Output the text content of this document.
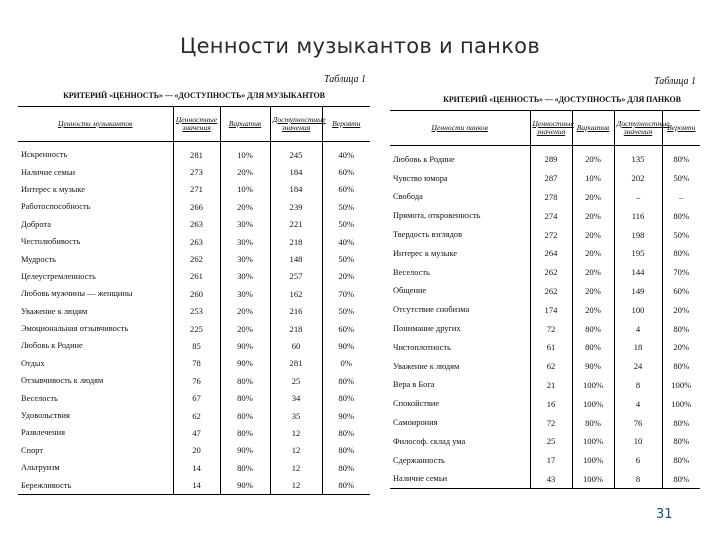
Ценности музыкантов и панков
Таблица 1
КРИТЕРИЙ «ЦЕННОСТЬ» — «ДОСТУПНОСТЬ» ДЛЯ МУЗЫКАНТОВ
Ценности музыкантов	Ценностные значения	Вариатив	Доступностные значения	Вероятн
Искренность	281	10%	245	40%
Наличие семьи	273	20%	184	60%
Интерес к музыке	271	10%	184	60%
Работоспособность	266	20%	239	50%
Доброта	263	30%	221	50%
Честолюбивость	263	30%	218	40%
Мудрость	262	30%	148	50%
Целеустремленность	261	30%	257	20%
Любовь мужчины — женщины	260	30%	162	70%
Уважение к людям	253	20%	216	50%
Эмоциональная отзывчивость	225	20%	218	60%
Любовь к Родине	85	90%	60	90%
Отдых	78	90%	281	0%
Отзывчивость к людям	76	80%	25	80%
Веселость	67	80%	34	80%
Удовольствия	62	80%	35	90%
Развлечения	47	80%	12	80%
Спорт	20	90%	12	80%
Альтруизм	14	80%	12	80%
Бережливость	14	90%	12	80%
Таблица 1
КРИТЕРИЙ «ЦЕННОСТЬ» — «ДОСТУПНОСТЬ» ДЛЯ ПАНКОВ
Ценности панков	Ценностные значения	Вариатив	Доступностные значения	Вероятн
Любовь к Родине	289	20%	135	80%
Чувство юмора	287	10%	202	50%
Свобода	278	20%	–	–
Прямота, откровенность	274	20%	116	80%
Твердость взглядов	272	20%	198	50%
Интерес к музыке	264	20%	195	80%
Веселость	262	20%	144	70%
Общение	262	20%	149	60%
Отсутствие снобизма	174	20%	100	20%
Понимание других	72	80%	4	80%
Чистоплотность	61	80%	18	20%
Уважение к людям	62	90%	24	80%
Вера в Бога	21	100%	8	100%
Спокойствие	16	100%	4	100%
Самоирония	72	80%	76	80%
Философ. склад ума	25	100%	10	80%
Сдержанность	17	100%	6	80%
Наличие семьи	43	100%	8	80%
31
